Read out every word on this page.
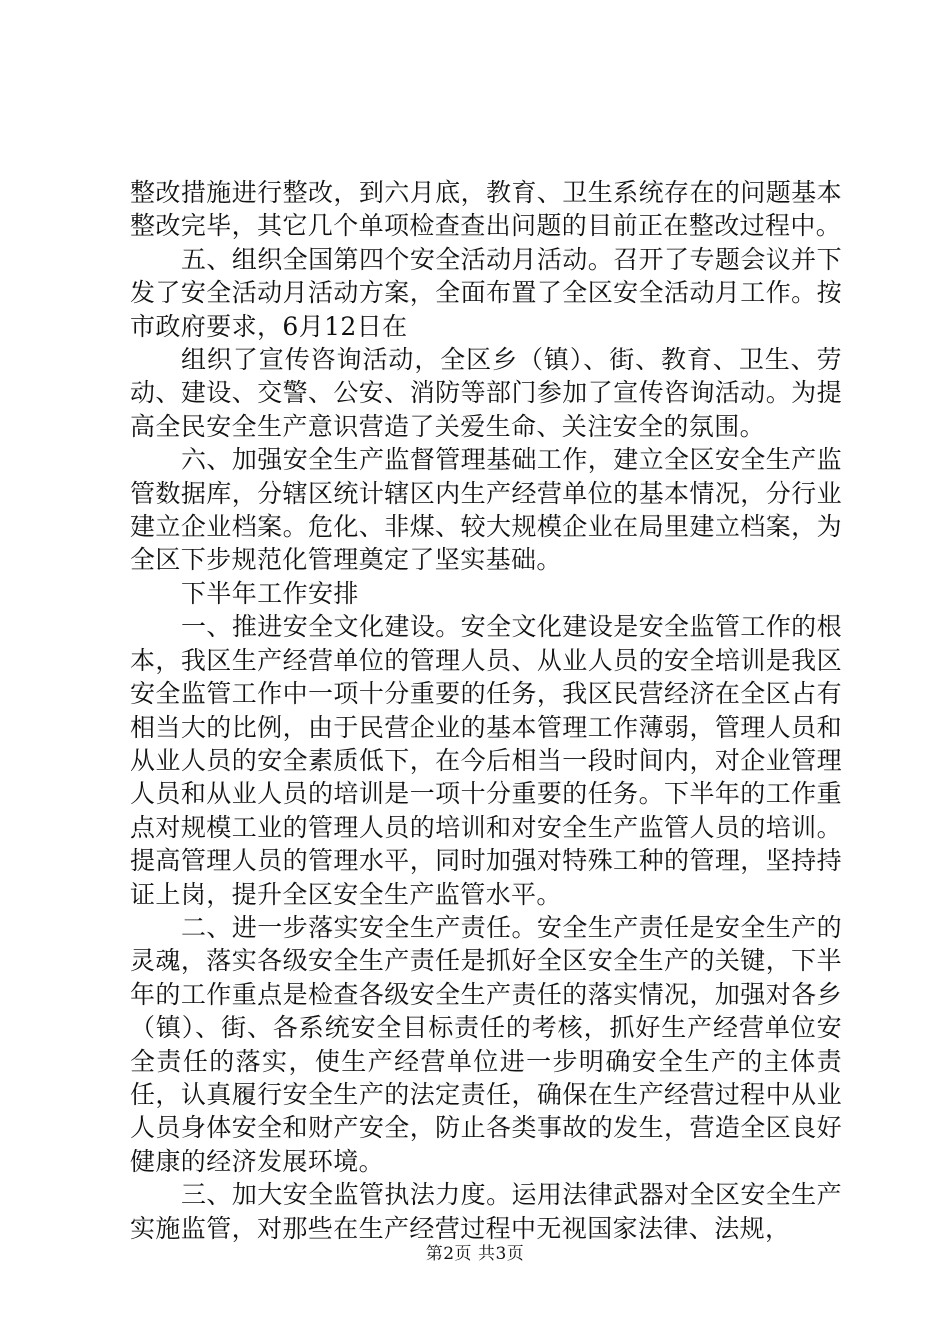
整改措施进行整改，到六月底，教育、卫生系统存在的问题基本整改完毕，其它几个单项检查查出问题的目前正在整改过程中。

五、组织全国第四个安全活动月活动。召开了专题会议并下发了安全活动月活动方案，全面布置了全区安全活动月工作。按市政府要求，6月12日在

组织了宣传咨询活动，全区乡（镇）、街、教育、卫生、劳动、建设、交警、公安、消防等部门参加了宣传咨询活动。为提高全民安全生产意识营造了关爱生命、关注安全的氛围。

六、加强安全生产监督管理基础工作，建立全区安全生产监管数据库，分辖区统计辖区内生产经营单位的基本情况，分行业建立企业档案。危化、非煤、较大规模企业在局里建立档案，为全区下步规范化管理奠定了坚实基础。

下半年工作安排

一、推进安全文化建设。安全文化建设是安全监管工作的根本，我区生产经营单位的管理人员、从业人员的安全培训是我区安全监管工作中一项十分重要的任务，我区民营经济在全区占有相当大的比例，由于民营企业的基本管理工作薄弱，管理人员和从业人员的安全素质低下，在今后相当一段时间内，对企业管理人员和从业人员的培训是一项十分重要的任务。下半年的工作重点对规模工业的管理人员的培训和对安全生产监管人员的培训。提高管理人员的管理水平，同时加强对特殊工种的管理，坚持持证上岗，提升全区安全生产监管水平。

二、进一步落实安全生产责任。安全生产责任是安全生产的灵魂，落实各级安全生产责任是抓好全区安全生产的关键，下半年的工作重点是检查各级安全生产责任的落实情况，加强对各乡（镇）、街、各系统安全目标责任的考核，抓好生产经营单位安全责任的落实，使生产经营单位进一步明确安全生产的主体责任，认真履行安全生产的法定责任，确保在生产经营过程中从业人员身体安全和财产安全，防止各类事故的发生，营造全区良好健康的经济发展环境。

三、加大安全监管执法力度。运用法律武器对全区安全生产实施监管，对那些在生产经营过程中无视国家法律、法规，

第2页 共3页
